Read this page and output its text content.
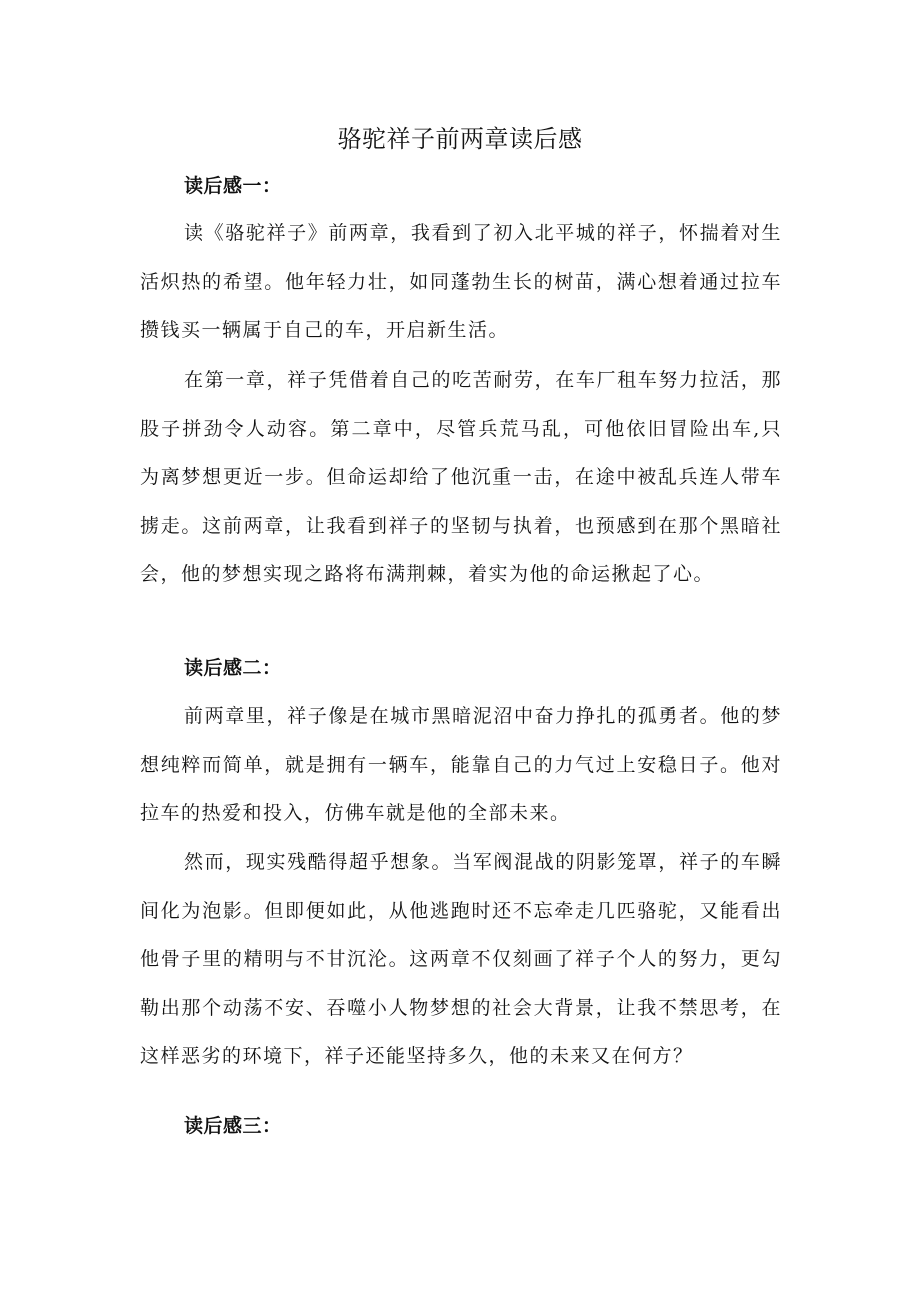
骆驼祥子前两章读后感
读后感一：

读《骆驼祥子》前两章，我看到了初入北平城的祥子，怀揣着对生活炽热的希望。他年轻力壮，如同蓬勃生长的树苗，满心想着通过拉车攒钱买一辆属于自己的车，开启新生活。

在第一章，祥子凭借着自己的吃苦耐劳，在车厂租车努力拉活，那股子拼劲令人动容。第二章中，尽管兵荒马乱，可他依旧冒险出车,只为离梦想更近一步。但命运却给了他沉重一击，在途中被乱兵连人带车掳走。这前两章，让我看到祥子的坚韧与执着，也预感到在那个黑暗社会，他的梦想实现之路将布满荆棘，着实为他的命运揪起了心。

读后感二：

前两章里，祥子像是在城市黑暗泥沼中奋力挣扎的孤勇者。他的梦想纯粹而简单，就是拥有一辆车，能靠自己的力气过上安稳日子。他对拉车的热爱和投入，仿佛车就是他的全部未来。

然而，现实残酷得超乎想象。当军阀混战的阴影笼罩，祥子的车瞬间化为泡影。但即便如此，从他逃跑时还不忘牵走几匹骆驼，又能看出他骨子里的精明与不甘沉沦。这两章不仅刻画了祥子个人的努力，更勾勒出那个动荡不安、吞噬小人物梦想的社会大背景，让我不禁思考，在这样恶劣的环境下，祥子还能坚持多久，他的未来又在何方？

读后感三：
